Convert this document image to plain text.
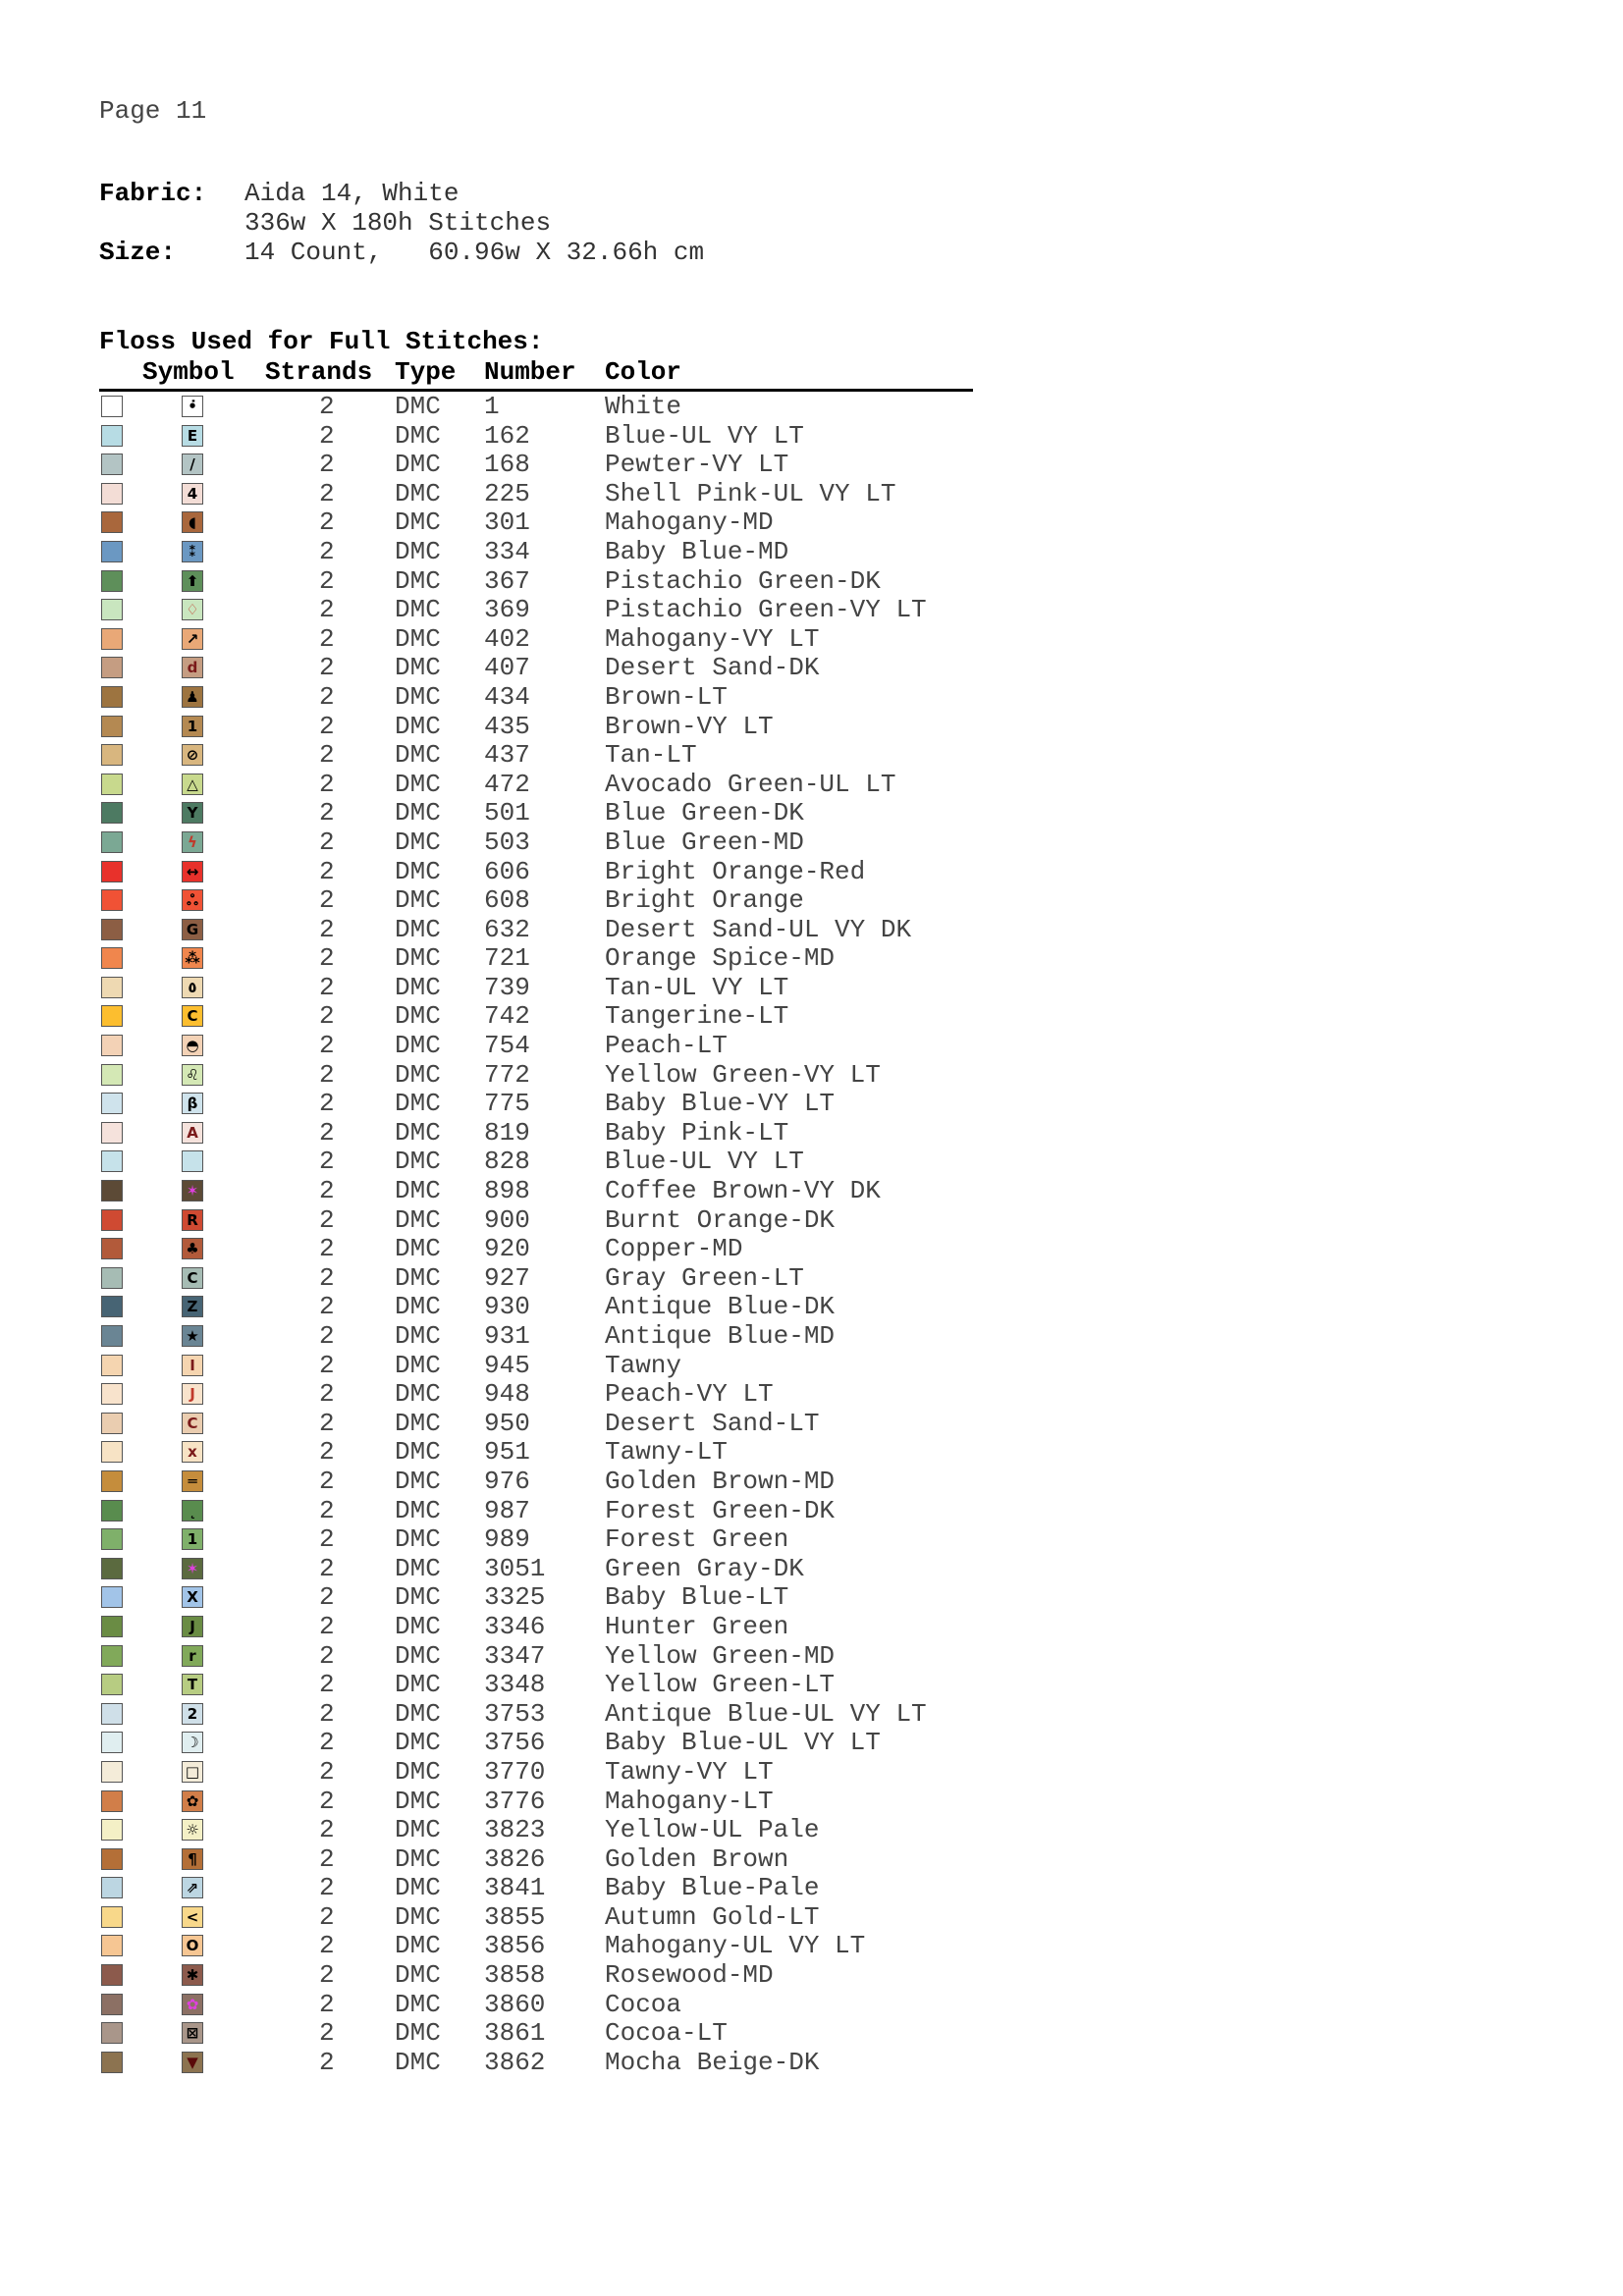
Page 11
Fabric:	Aida 14, White
336w X 180h Stitches
Size:	14 Count,   60.96w X 32.66h cm
Floss Used for Full Stitches:
Symbol Strands Type Number Color
•̇	2 DMC 1	White
E	2 DMC 162	Blue-UL VY LT
/	2 DMC 168	Pewter-VY LT
4	2 DMC 225	Shell Pink-UL VY LT
◖	2 DMC 301	Mahogany-MD
⁑	2 DMC 334	Baby Blue-MD
⬆	2 DMC 367	Pistachio Green-DK
♢	2 DMC 369	Pistachio Green-VY LT
↗	2 DMC 402	Mahogany-VY LT
d	2 DMC 407	Desert Sand-DK
♟	2 DMC 434	Brown-LT
1	2 DMC 435	Brown-VY LT
⊘	2 DMC 437	Tan-LT
△	2 DMC 472	Avocado Green-UL LT
Y	2 DMC 501	Blue Green-DK
ϟ	2 DMC 503	Blue Green-MD
↔	2 DMC 606	Bright Orange-Red
ஃ	2 DMC 608	Bright Orange
G	2 DMC 632	Desert Sand-UL VY DK
⁂	2 DMC 721	Orange Spice-MD
٥	2 DMC 739	Tan-UL VY LT
C	2 DMC 742	Tangerine-LT
◓	2 DMC 754	Peach-LT
♌	2 DMC 772	Yellow Green-VY LT
β	2 DMC 775	Baby Blue-VY LT
A	2 DMC 819	Baby Pink-LT
2 DMC 828	Blue-UL VY LT
✶	2 DMC 898	Coffee Brown-VY DK
R	2 DMC 900	Burnt Orange-DK
♣	2 DMC 920	Copper-MD
C	2 DMC 927	Gray Green-LT
Z	2 DMC 930	Antique Blue-DK
★	2 DMC 931	Antique Blue-MD
I	2 DMC 945	Tawny
J	2 DMC 948	Peach-VY LT
C	2 DMC 950	Desert Sand-LT
x	2 DMC 951	Tawny-LT
═	2 DMC 976	Golden Brown-MD
˛	2 DMC 987	Forest Green-DK
1	2 DMC 989	Forest Green
✶	2 DMC 3051 Green Gray-DK
X	2 DMC 3325 Baby Blue-LT
J	2 DMC 3346 Hunter Green
r	2 DMC 3347 Yellow Green-MD
T	2 DMC 3348 Yellow Green-LT
2	2 DMC 3753 Antique Blue-UL VY LT
☽	2 DMC 3756 Baby Blue-UL VY LT
□	2 DMC 3770 Tawny-VY LT
✿	2 DMC 3776 Mahogany-LT
☼	2 DMC 3823 Yellow-UL Pale
¶	2 DMC 3826 Golden Brown
⇗	2 DMC 3841 Baby Blue-Pale
<	2 DMC 3855 Autumn Gold-LT
O	2 DMC 3856 Mahogany-UL VY LT
✱	2 DMC 3858 Rosewood-MD
✿	2 DMC 3860 Cocoa
⊠	2 DMC 3861 Cocoa-LT
▼	2 DMC 3862 Mocha Beige-DK
